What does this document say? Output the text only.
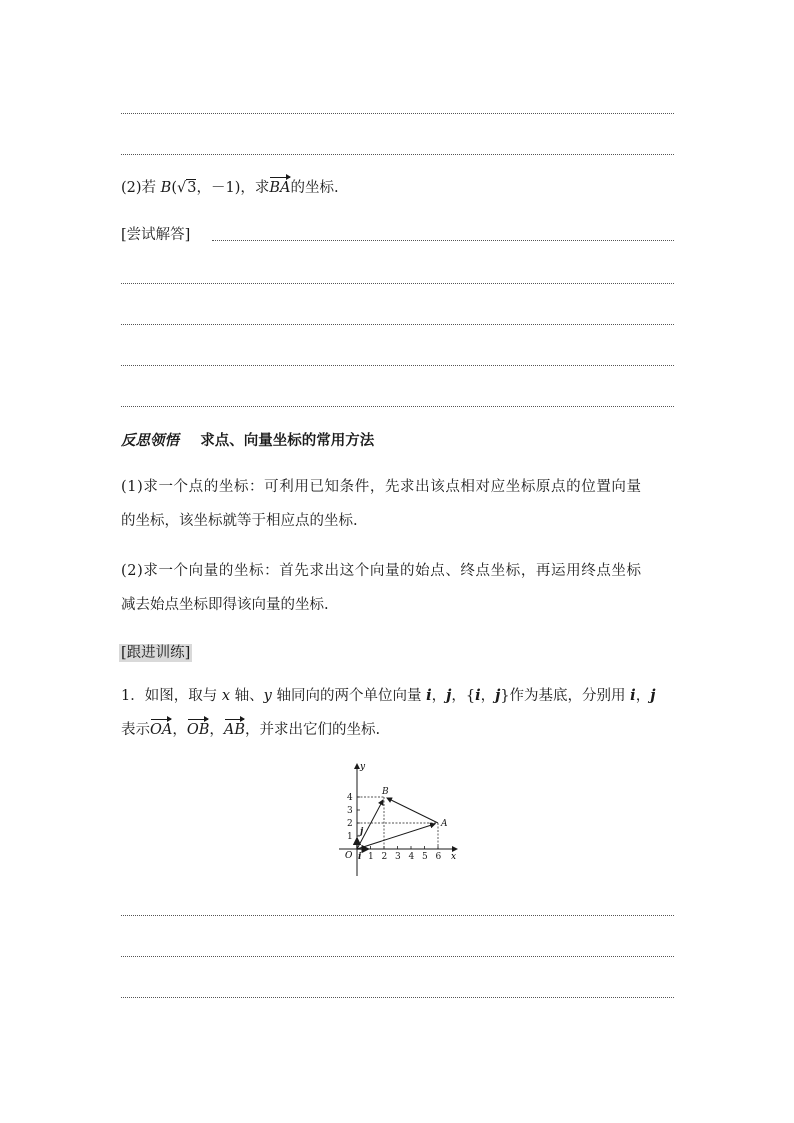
(2)若 B(√3，－1)，求BA的坐标.
[尝试解答]
反思领悟 求点、向量坐标的常用方法
(1)求一个点的坐标：可利用已知条件，先求出该点相对应坐标原点的位置向量
的坐标，该坐标就等于相应点的坐标.
(2)求一个向量的坐标：首先求出这个向量的始点、终点坐标，再运用终点坐标
减去始点坐标即得该向量的坐标.
[跟进训练]
1．如图，取与 x 轴、y 轴同向的两个单位向量 i，j，{i，j}作为基底，分别用 i，j
表示OA，OB，AB，并求出它们的坐标.
x
y
O 1 2 3 4 5 6
1
2
3
4
i
j
A
B
